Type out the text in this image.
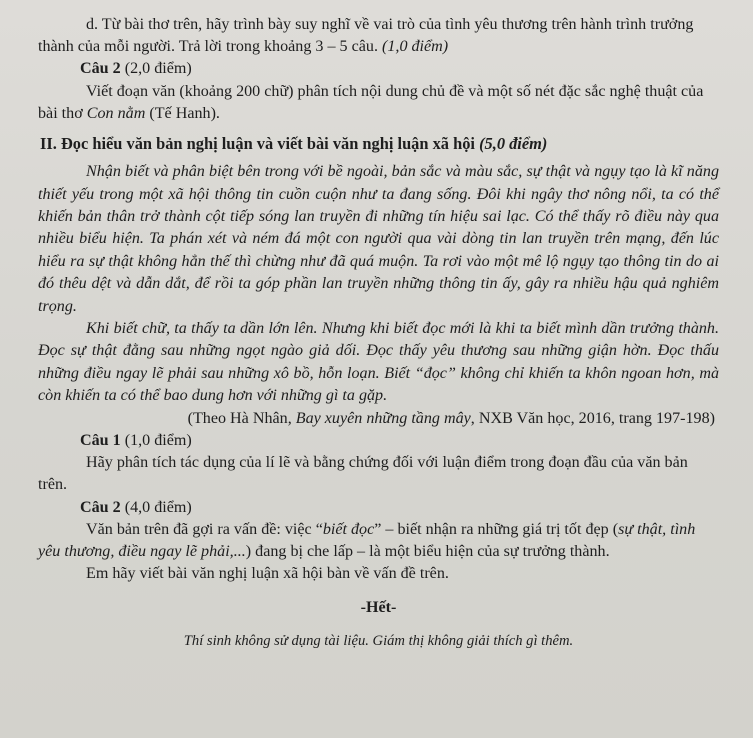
d. Từ bài thơ trên, hãy trình bày suy nghĩ về vai trò của tình yêu thương trên hành trình trưởng thành của mỗi người. Trả lời trong khoảng 3 – 5 câu. (1,0 điểm)

Câu 2 (2,0 điểm)

Viết đoạn văn (khoảng 200 chữ) phân tích nội dung chủ đề và một số nét đặc sắc nghệ thuật của bài thơ Con nằm (Tế Hanh).

II. Đọc hiểu văn bản nghị luận và viết bài văn nghị luận xã hội (5,0 điểm)

Nhận biết và phân biệt bên trong với bề ngoài, bản sắc và màu sắc, sự thật và ngụy tạo là kĩ năng thiết yếu trong một xã hội thông tin cuồn cuộn như ta đang sống. Đôi khi ngây thơ nông nổi, ta có thể khiến bản thân trở thành cột tiếp sóng lan truyền đi những tín hiệu sai lạc. Có thể thấy rõ điều này qua nhiều biểu hiện. Ta phán xét và ném đá một con người qua vài dòng tin lan truyền trên mạng, đến lúc hiểu ra sự thật không hẳn thế thì chừng như đã quá muộn. Ta rơi vào một mê lộ ngụy tạo thông tin do ai đó thêu dệt và dẫn dắt, để rồi ta góp phần lan truyền những thông tin ấy, gây ra nhiều hậu quả nghiêm trọng.

Khi biết chữ, ta thấy ta dần lớn lên. Nhưng khi biết đọc mới là khi ta biết mình dần trưởng thành. Đọc sự thật đằng sau những ngọt ngào giả dối. Đọc thấy yêu thương sau những giận hờn. Đọc thấu những điều ngay lẽ phải sau những xô bồ, hỗn loạn. Biết “đọc” không chỉ khiến ta khôn ngoan hơn, mà còn khiến ta có thể bao dung hơn với những gì ta gặp.

(Theo Hà Nhân, Bay xuyên những tầng mây, NXB Văn học, 2016, trang 197-198)

Câu 1 (1,0 điểm)

Hãy phân tích tác dụng của lí lẽ và bằng chứng đối với luận điểm trong đoạn đầu của văn bản trên.

Câu 2 (4,0 điểm)

Văn bản trên đã gợi ra vấn đề: việc “biết đọc” – biết nhận ra những giá trị tốt đẹp (sự thật, tình yêu thương, điều ngay lẽ phải,...) đang bị che lấp – là một biểu hiện của sự trưởng thành.

Em hãy viết bài văn nghị luận xã hội bàn về vấn đề trên.

-Hết-

Thí sinh không sử dụng tài liệu. Giám thị không giải thích gì thêm.
